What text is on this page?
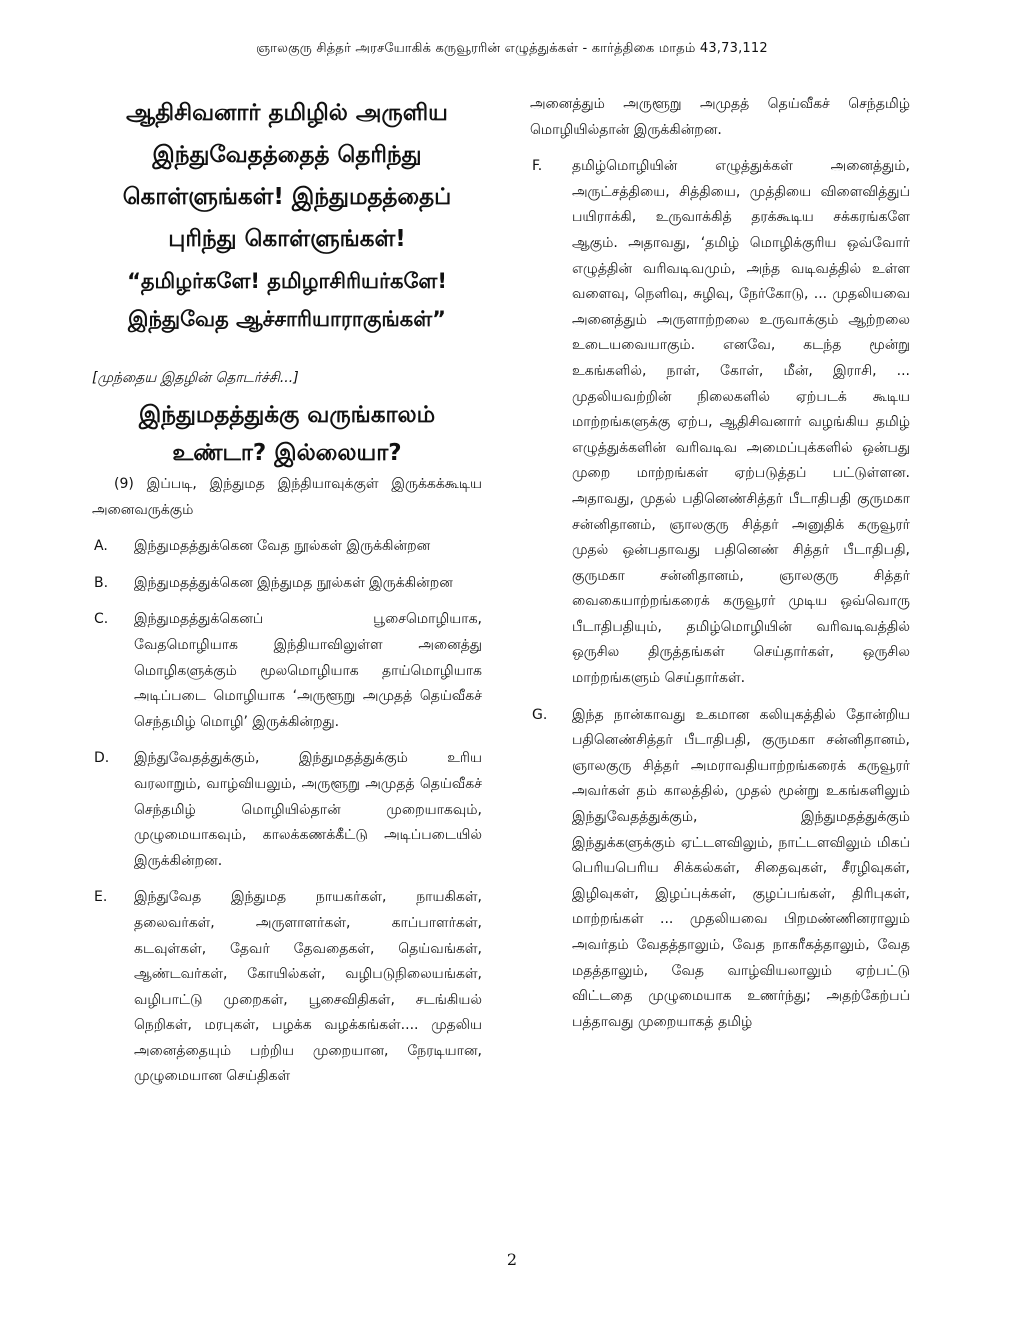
ஞாலகுரு சித்தர் அரசயோகிக் கருவூரரின் எழுத்துக்கள் - கார்த்திகை மாதம் 43,73,112
ஆதிசிவனார் தமிழில் அருளிய
இந்துவேதத்தைத் தெரிந்து
கொள்ளுங்கள்! இந்துமதத்தைப்
புரிந்து கொள்ளுங்கள்!
“தமிழர்களே! தமிழாசிரியர்களே!
இந்துவேத ஆச்சாரியாராகுங்கள்”
[முந்தைய இதழின் தொடர்ச்சி...]
இந்துமதத்துக்கு வருங்காலம்
உண்டா? இல்லையா?

(9) இப்படி, இந்துமத இந்தியாவுக்குள் இருக்கக்கூடிய அனைவருக்கும்

A.	இந்துமதத்துக்கென வேத நூல்கள் இருக்கின்றன
B.	இந்துமதத்துக்கென இந்துமத நூல்கள் இருக்கின்றன
C.	இந்துமதத்துக்கெனப் பூசைமொழியாக, வேதமொழியாக இந்தியாவிலுள்ள அனைத்து மொழிகளுக்கும் மூலமொழியாக தாய்மொழியாக அடிப்படை மொழியாக ‘அருளூறு அமுதத் தெய்வீகச் செந்தமிழ் மொழி’ இருக்கின்றது.
D.	இந்துவேதத்துக்கும், இந்துமதத்துக்கும் உரிய வரலாறும், வாழ்வியலும், அருளூறு அமுதத் தெய்வீகச் செந்தமிழ் மொழியில்தான் முறையாகவும், முழுமையாகவும், காலக்கணக்கீட்டு அடிப்படையில் இருக்கின்றன.
E.	இந்துவேத இந்துமத நாயகர்கள், நாயகிகள், தலைவர்கள், அருளாளர்கள், காப்பாளர்கள், கடவுள்கள், தேவர் தேவதைகள், தெய்வங்கள், ஆண்டவர்கள், கோயில்கள், வழிபடுநிலையங்கள், வழிபாட்டு முறைகள், பூசைவிதிகள், சடங்கியல் நெறிகள், மரபுகள், பழக்க வழக்கங்கள்.... முதலிய அனைத்தையும் பற்றிய முறையான, நேரடியான, முழுமையான செய்திகள்

அனைத்தும் அருளூறு அமுதத் தெய்வீகச் செந்தமிழ் மொழியில்தான் இருக்கின்றன.

F.	தமிழ்மொழியின் எழுத்துக்கள் அனைத்தும், அருட்சத்தியை, சித்தியை, முத்தியை விளைவித்துப் பயிராக்கி, உருவாக்கித் தரக்கூடிய சக்கரங்களே ஆகும். அதாவது, ‘தமிழ் மொழிக்குரிய ஒவ்வோர் எழுத்தின் வரிவடிவமும், அந்த வடிவத்தில் உள்ள வளைவு, நெளிவு, சுழிவு, நேர்கோடு, ... முதலியவை அனைத்தும் அருளாற்றலை உருவாக்கும் ஆற்றலை உடையவையாகும். எனவே, கடந்த மூன்று உகங்களில், நாள், கோள், மீன், இராசி, ... முதலியவற்றின் நிலைகளில் ஏற்படக் கூடிய மாற்றங்களுக்கு ஏற்ப, ஆதிசிவனார் வழங்கிய தமிழ் எழுத்துக்களின் வரிவடிவ அமைப்புக்களில் ஒன்பது முறை மாற்றங்கள் ஏற்படுத்தப் பட்டுள்ளன. அதாவது, முதல் பதினெண்சித்தர் பீடாதிபதி குருமகா சன்னிதானம், ஞாலகுரு சித்தர் அனுதிக் கருவூரர் முதல் ஒன்பதாவது பதினெண் சித்தர் பீடாதிபதி, குருமகா சன்னிதானம், ஞாலகுரு சித்தர் வைகையாற்றங்கரைக் கருவூரர் முடிய ஒவ்வொரு பீடாதிபதியும், தமிழ்மொழியின் வரிவடிவத்தில் ஒருசில திருத்தங்கள் செய்தார்கள், ஒருசில மாற்றங்களும் செய்தார்கள்.
G.	இந்த நான்காவது உகமான கலியுகத்தில் தோன்றிய பதினெண்சித்தர் பீடாதிபதி, குருமகா சன்னிதானம், ஞாலகுரு சித்தர் அமராவதியாற்றங்கரைக் கருவூரர் அவர்கள் தம் காலத்தில், முதல் மூன்று உகங்களிலும் இந்துவேதத்துக்கும், இந்துமதத்துக்கும் இந்துக்களுக்கும் ஏட்டளவிலும், நாட்டளவிலும் மிகப் பெரியபெரிய சிக்கல்கள், சிதைவுகள், சீரழிவுகள், இழிவுகள், இழப்புக்கள், குழப்பங்கள், திரிபுகள், மாற்றங்கள் ... முதலியவை பிறமண்ணினராலும் அவர்தம் வேதத்தாலும், வேத நாகரீகத்தாலும், வேத மதத்தாலும், வேத வாழ்வியலாலும் ஏற்பட்டு விட்டதை முழுமையாக உணர்ந்து; அதற்கேற்பப் பத்தாவது முறையாகத் தமிழ்
2
